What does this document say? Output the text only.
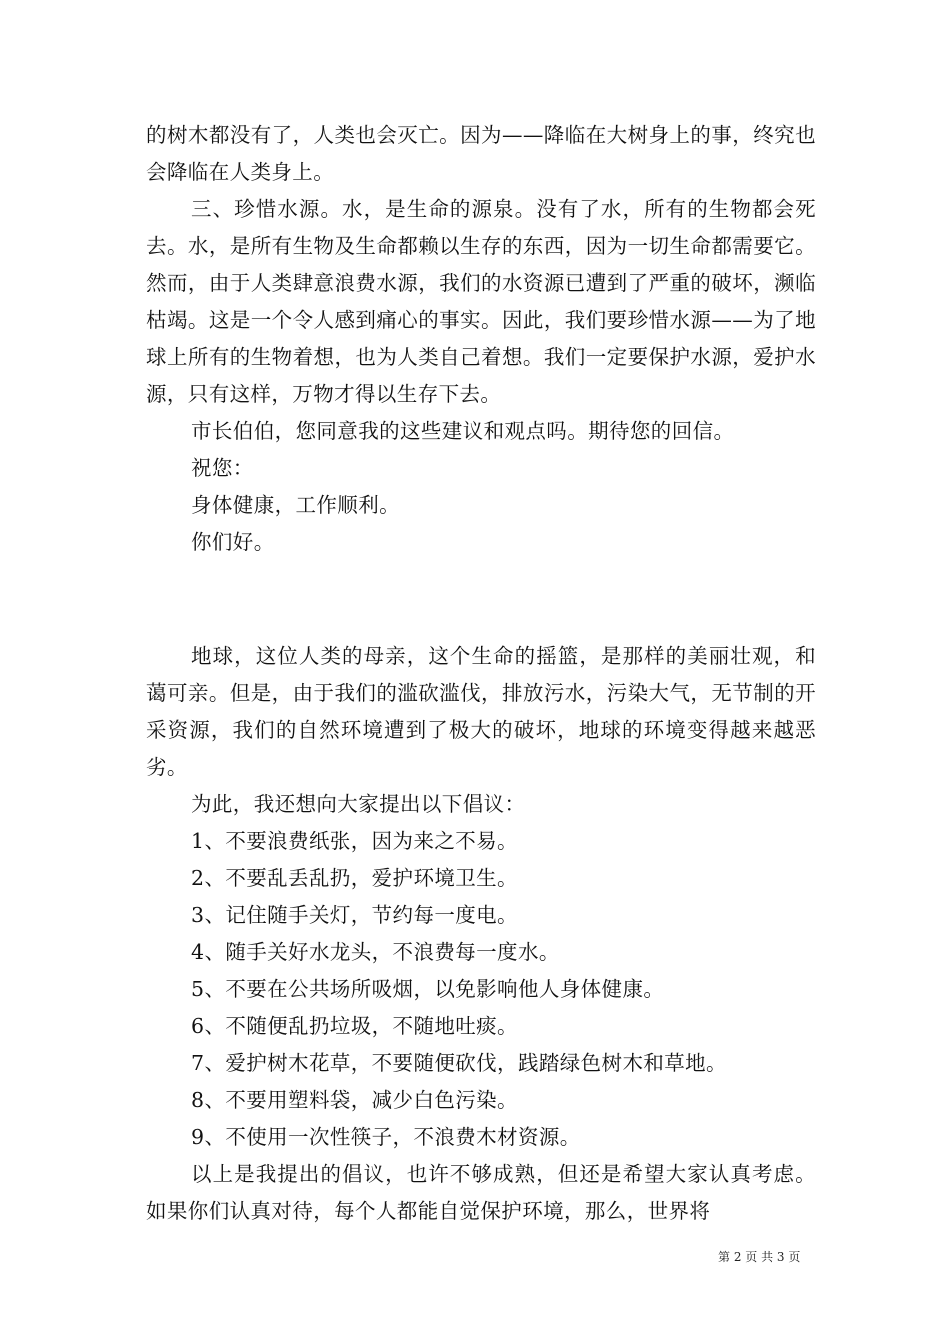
的树木都没有了，人类也会灭亡。因为——降临在大树身上的事，终究也会降临在人类身上。

三、珍惜水源。水，是生命的源泉。没有了水，所有的生物都会死去。水，是所有生物及生命都赖以生存的东西，因为一切生命都需要它。然而，由于人类肆意浪费水源，我们的水资源已遭到了严重的破坏，濒临枯竭。这是一个令人感到痛心的事实。因此，我们要珍惜水源——为了地球上所有的生物着想，也为人类自己着想。我们一定要保护水源，爱护水源，只有这样，万物才得以生存下去。

市长伯伯，您同意我的这些建议和观点吗。期待您的回信。

祝您：

身体健康，工作顺利。

你们好。

地球，这位人类的母亲，这个生命的摇篮，是那样的美丽壮观，和蔼可亲。但是，由于我们的滥砍滥伐，排放污水，污染大气，无节制的开采资源，我们的自然环境遭到了极大的破坏，地球的环境变得越来越恶劣。

为此，我还想向大家提出以下倡议：

1、不要浪费纸张，因为来之不易。

2、不要乱丢乱扔，爱护环境卫生。

3、记住随手关灯，节约每一度电。

4、随手关好水龙头，不浪费每一度水。

5、不要在公共场所吸烟，以免影响他人身体健康。

6、不随便乱扔垃圾，不随地吐痰。

7、爱护树木花草，不要随便砍伐，践踏绿色树木和草地。

8、不要用塑料袋，减少白色污染。

9、不使用一次性筷子，不浪费木材资源。

以上是我提出的倡议，也许不够成熟，但还是希望大家认真考虑。如果你们认真对待，每个人都能自觉保护环境，那么，世界将

第 2 页 共 3 页
